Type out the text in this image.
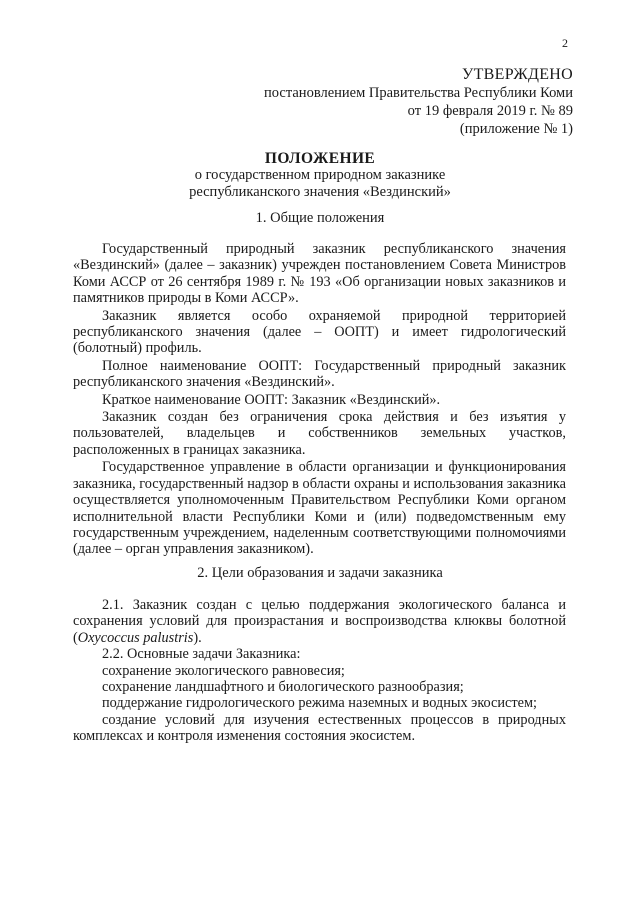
2
УТВЕРЖДЕНО
постановлением Правительства Республики Коми
от 19 февраля 2019 г. № 89
(приложение № 1)
ПОЛОЖЕНИЕ
о государственном природном заказнике
республиканского значения «Вездинский»
1. Общие положения

Государственный природный заказник республиканского значения «Вездинский» (далее – заказник) учрежден постановлением Совета Министров Коми АССР от 26 сентября 1989 г. № 193 «Об организации новых заказников и памятников природы в Коми АССР».

Заказник является особо охраняемой природной территорией республиканского значения (далее – ООПТ) и имеет гидрологический (болотный) профиль.

Полное наименование ООПТ: Государственный природный заказник республиканского значения «Вездинский».

Краткое наименование ООПТ: Заказник «Вездинский».

Заказник создан без ограничения срока действия и без изъятия у пользователей, владельцев и собственников земельных участков, расположенных в границах заказника.

Государственное управление в области организации и функционирования заказника, государственный надзор в области охраны и использования заказника осуществляется уполномоченным Правительством Республики Коми органом исполнительной власти Республики Коми и (или) подведомственным ему государственным учреждением, наделенным соответствующими полномочиями (далее – орган управления заказником).

2. Цели образования и задачи заказника

2.1. Заказник создан с целью поддержания экологического баланса и сохранения условий для произрастания и воспроизводства клюквы болотной (Oxycoccus palustris).

2.2. Основные задачи Заказника:

сохранение экологического равновесия;

сохранение ландшафтного и биологического разнообразия;

поддержание гидрологического режима наземных и водных экосистем;

создание условий для изучения естественных процессов в природных комплексах и контроля изменения состояния экосистем.
